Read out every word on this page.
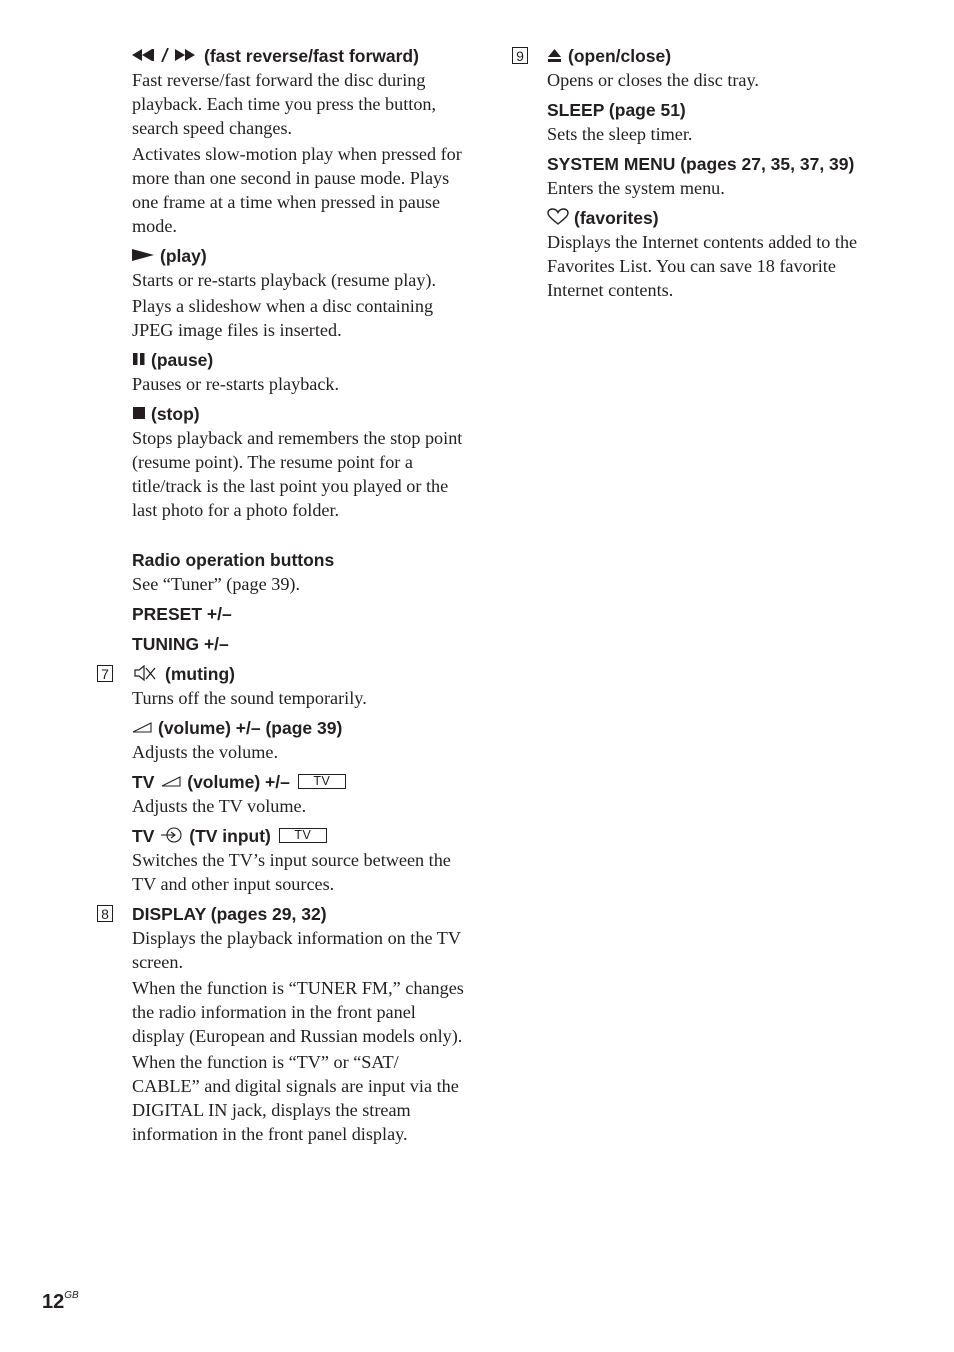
(fast reverse/fast forward)

Fast reverse/fast forward the disc during playback. Each time you press the button, search speed changes.

Activates slow-motion play when pressed for more than one second in pause mode. Plays one frame at a time when pressed in pause mode.

(play)

Starts or re-starts playback (resume play).

Plays a slideshow when a disc containing JPEG image files is inserted.

(pause)

Pauses or re-starts playback.

(stop)

Stops playback and remembers the stop point (resume point). The resume point for a title/track is the last point you played or the last photo for a photo folder.

Radio operation buttons

See “Tuner” (page 39).

PRESET +/–
TUNING +/–
7	(muting)

Turns off the sound temporarily.

(volume) +/– (page 39)

Adjusts the volume.

TV (volume) +/– TV

Adjusts the TV volume.

TV (TV input) TV

Switches the TV’s input source between the TV and other input sources.

8 DISPLAY (pages 29, 32)

Displays the playback information on the TV screen.

When the function is “TUNER FM,” changes the radio information in the front panel display (European and Russian models only).

When the function is “TV” or “SAT/ CABLE” and digital signals are input via the DIGITAL IN jack, displays the stream information in the front panel display.

9	(open/close)

Opens or closes the disc tray.

SLEEP (page 51)

Sets the sleep timer.

SYSTEM MENU (pages 27, 35, 37, 39)

Enters the system menu.

(favorites)

Displays the Internet contents added to the Favorites List. You can save 18 favorite Internet contents.

$12^{GB}$
